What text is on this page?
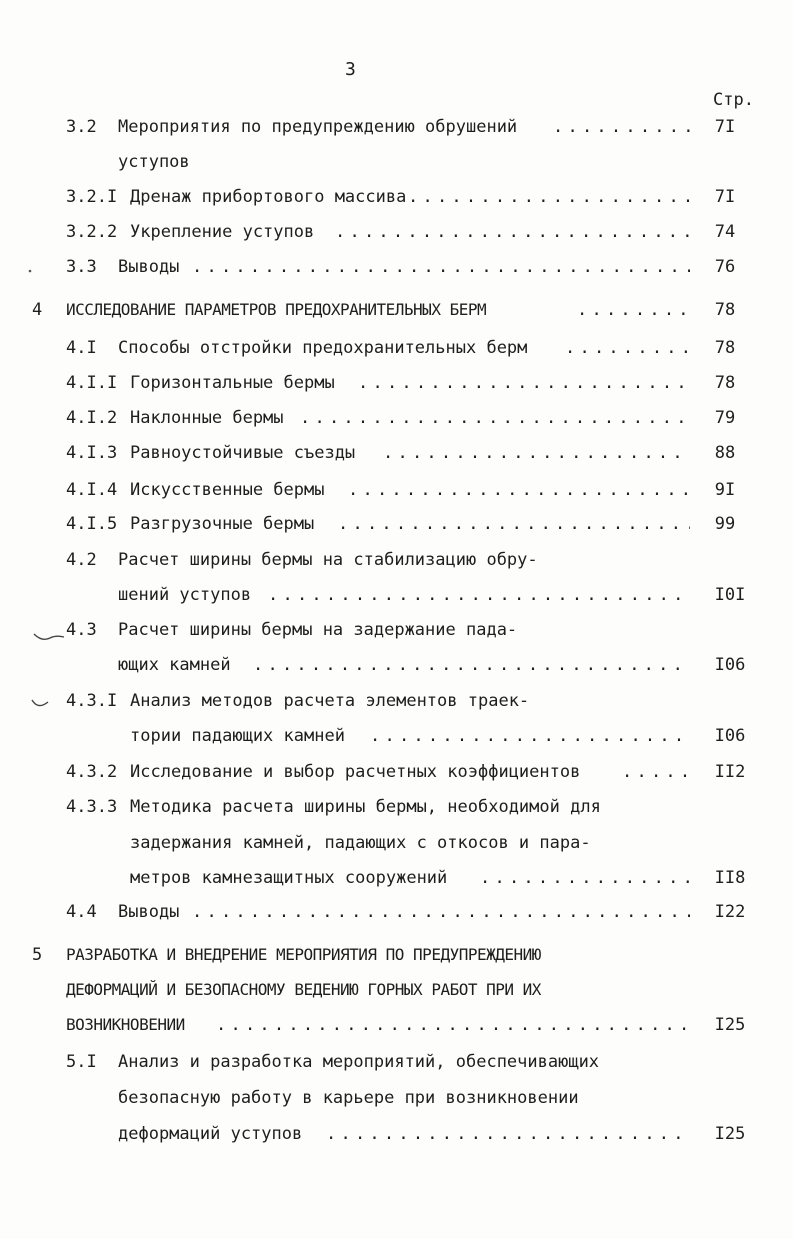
3
Стр.
3.2 Мероприятия по предупреждению обрушений . . .	7I
уступов
3.2.I Дренаж прибортового массива . . .	7I
3.2.2 Укрепление уступов . . .	74
3.3 Выводы . . .	76
4 ИССЛЕДОВАНИЕ ПАРАМЕТРОВ ПРЕДОХРАНИТЕЛЬНЫХ БЕРМ . . .	78
4.I Способы отстройки предохранительных берм . . .	78
4.I.I Горизонтальные бермы . . .	78
4.I.2 Наклонные бермы . . .	79
4.I.3 Равноустойчивые съезды . . .	88
4.I.4 Искусственные бермы . . .	9I
4.I.5 Разгрузочные бермы . . .	99
4.2 Расчет ширины бермы на стабилизацию обру-
шений уступов . . .	I0I
4.3 Расчет ширины бермы на задержание пада-
ющих камней . . .	I06
4.3.I Анализ методов расчета элементов траек-
тории падающих камней . . .	I06
4.3.2 Исследование и выбор расчетных коэффициентов . . .	II2
4.3.3 Методика расчета ширины бермы, необходимой для
задержания камней, падающих с откосов и пара-
метров камнезащитных сооружений . . .	II8
4.4 Выводы . . .	I22
5 РАЗРАБОТКА И ВНЕДРЕНИЕ МЕРОПРИЯТИЯ ПО ПРЕДУПРЕЖДЕНИЮ
ДЕФОРМАЦИЙ И БЕЗОПАСНОМУ ВЕДЕНИЮ ГОРНЫХ РАБОТ ПРИ ИХ
ВОЗНИКНОВЕНИИ . . .	I25
5.I Анализ и разработка мероприятий, обеспечивающих
безопасную работу в карьере при возникновении
деформаций уступов . . .	I25
